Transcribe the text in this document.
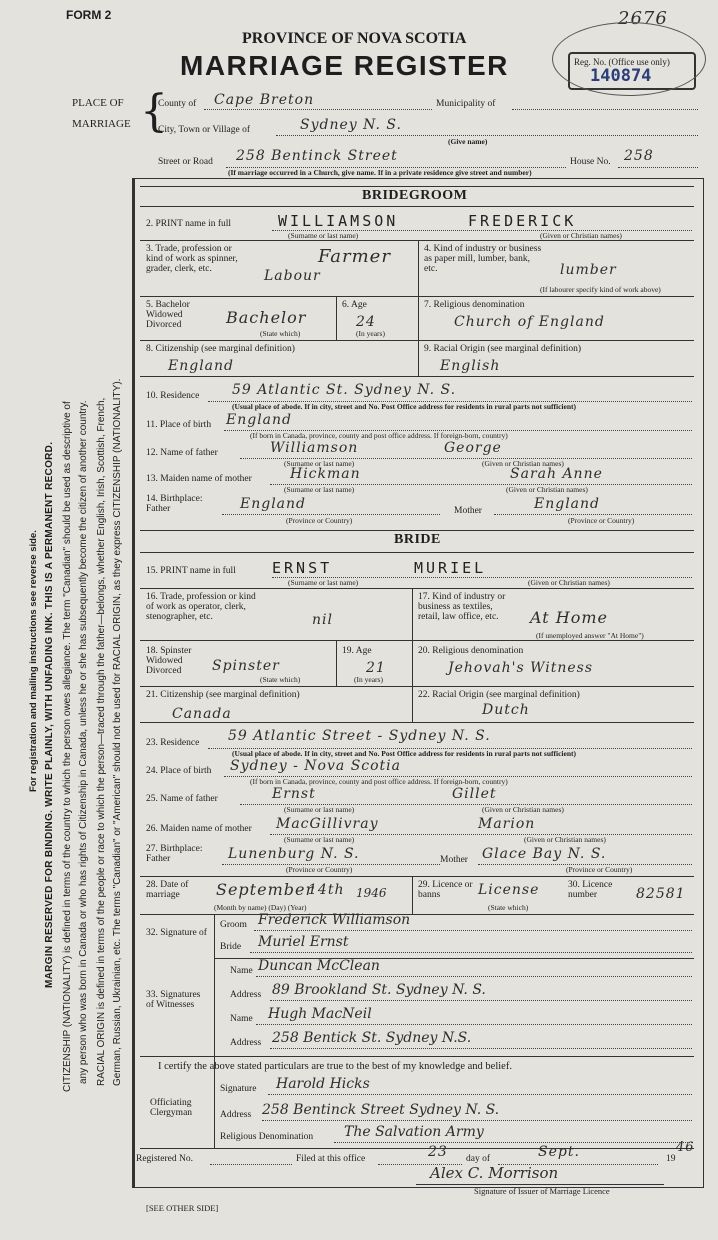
For registration and mailing instructions see reverse side. MARGIN RESERVED FOR BINDING. WRITE PLAINLY, WITH UNFADING INK. THIS IS A PERMANENT RECORD. CITIZENSHIP (NATIONALITY) is defined in terms of the country to which the person owes allegiance. The term "Canadian" should be used as descriptive of any person who was born in Canada or who has rights of Citizenship in Canada, unless he or she has subsequently become the citizen of another country. RACIAL ORIGIN is defined in terms of the people or race to which the person—traced through the father—belongs, whether English, Irish, Scottish, French, German, Russian, Ukrainian, etc. The terms "Canadian" or "American" should not be used for RACIAL ORIGIN, as they express CITIZENSHIP (NATIONALITY).
FORM 2	2676
PROVINCE OF NOVA SCOTIA
MARRIAGE REGISTER	Reg. No. (Office use only)
140874
PLACE OF
MARRIAGE {
County of Cape Breton	Municipality of
City, Town or Village of	Sydney N. S.
(Give name)
Street or Road 258 Bentinck Street	House No. 258
(If marriage occurred in a Church, give name. If in a private residence give street and number)
BRIDEGROOM
2. PRINT name in full	WILLIAMSON	FREDERICK
(Surname or last name)	(Given or Christian names)
3. Trade, profession or kind of work as spinner, grader, clerk, etc.
Farmer
Labour
4. Kind of industry or business as paper mill, lumber, bank, etc.	lumber
(If labourer specify kind of work above)
5. Bachelor Widowed Divorced	Bachelor
(State which)
6. Age
24
(In years)
7. Religious denomination
Church of England
8. Citizenship (see marginal definition)
England
9. Racial Origin (see marginal definition)
English
10. Residence 59 Atlantic St. Sydney N. S.
(Usual place of abode. If in city, street and No. Post Office address for residents in rural parts not sufficient)
11. Place of birth England
(If born in Canada, province, county and post office address. If foreign-born, country)
12. Name of father	Williamson	George
(Surname or last name)	(Given or Christian names)
13. Maiden name of mother	Hickman	Sarah Anne
(Surname or last name)	(Given or Christian names)
14. Birthplace: Father	England	Mother	England
(Province or Country)	(Province or Country)
BRIDE
15. PRINT name in full ERNST	MURIEL
(Surname or last name)	(Given or Christian names)
16. Trade, profession or kind of work as operator, clerk, stenographer, etc.	nil
17. Kind of industry or business as textiles, retail, law office, etc.	At Home
(If unemployed answer "At Home")
18. Spinster Widowed Divorced	Spinster
(State which)
19. Age
21
(In years)
20. Religious denomination
Jehovah's Witness
21. Citizenship (see marginal definition)
Canada
22. Racial Origin (see marginal definition)
Dutch
23. Residence 59 Atlantic Street - Sydney N. S.
(Usual place of abode. If in city, street and No. Post Office address for residents in rural parts not sufficient)
24. Place of birth Sydney - Nova Scotia
(If born in Canada, province, county and post office address. If foreign-born, country)
25. Name of father	Ernst	Gillet
(Surname or last name)	(Given or Christian names)
26. Maiden name of mother MacGillivray	Marion
(Surname or last name)	(Given or Christian names)
27. Birthplace: Father	Lunenburg N. S.	Mother Glace Bay N. S.
(Province or Country)	(Province or Country)
28. Date of marriage	September
14th 1946
(Month by name) (Day) (Year)
29. Licence or banns	License
(State which)
30. Licence number	82581
32. Signature of
Groom Frederick Williamson
Bride Muriel Ernst
33. Signatures of Witnesses
Name Duncan McClean
Address 89 Brookland St. Sydney N. S.
Name Hugh MacNeil
Address 258 Bentick St. Sydney N.S.
I certify the above stated particulars are true to the best of my knowledge and belief.
Officiating Clergyman
Signature Harold Hicks
Address 258 Bentinck Street Sydney N. S.
Religious Denomination The Salvation Army
Registered No.	Filed at this office	23 day of	Sept.	19
46
Alex C. Morrison
Signature of Issuer of Marriage Licence
[SEE OTHER SIDE]
